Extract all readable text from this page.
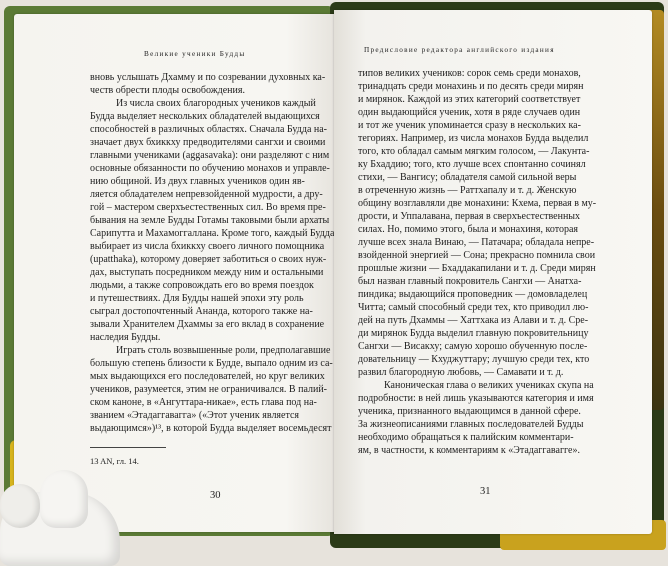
Великие ученики Будды

вновь услышать Дхамму и по созревании духовных ка-

честв обрести плоды освобождения.

Из числа своих благородных учеников каждый

Будда выделяет нескольких обладателей выдающихся

способностей в различных областях. Сначала Будда на-

значает двух бхиккху предводителями сангхи и своими

главными учениками (aggasavaka): они разделяют с ним

основные обязанности по обучению монахов и управле-

нию общиной. Из двух главных учеников один яв-

ляется обладателем непревзойденной мудрости, а дру-

гой – мастером сверхъестественных сил. Во время пре-

бывания на земле Будды Готамы таковыми были архаты

Сарипутта и Махамоггаллана. Кроме того, каждый Будда

выбирает из числа бхиккху своего личного помощника

(upatthaka), которому доверяет заботиться о своих нуж-

дах, выступать посредником между ним и остальными

людьми, а также сопровождать его во время поездок

и путешествиях. Для Будды нашей эпохи эту роль

сыграл достопочтенный Ананда, которого также на-

зывали Хранителем Дхаммы за его вклад в сохранение

наследия Будды.

Играть столь возвышенные роли, предполагавшие

большую степень близости к Будде, выпало одним из са-

мых выдающихся его последователей, но круг великих

учеников, разумеется, этим не ограничивался. В палий-

ском каноне, в «Ангуттара-никае», есть глава под на-

званием «Этадаггавагга» («Этот ученик является

выдающимся»)¹³, в которой Будда выделяет восемьдесят

13 AN, гл. 14.
30
Предисловие редактора английского издания

типов великих учеников: сорок семь среди монахов,

тринадцать среди монахинь и по десять среди мирян

и мирянок. Каждой из этих категорий соответствует

один выдающийся ученик, хотя в ряде случаев один

и тот же ученик упоминается сразу в нескольких ка-

тегориях. Например, из числа монахов Будда выделил

того, кто обладал самым мягким голосом, — Лакунта-

ку Бхаддию; того, кто лучше всех спонтанно сочинял

стихи, — Вангису; обладателя самой сильной веры

в отреченную жизнь — Раттхапалу и т. д. Женскую

общину возглавляли две монахини: Кхема, первая в му-

дрости, и Уппалавана, первая в сверхъестественных

силах. Но, помимо этого, была и монахиня, которая

лучше всех знала Винаю, — Патачара; обладала непре-

взойденной энергией — Сона; прекрасно помнила свои

прошлые жизни — Бхаддакапилани и т. д. Среди мирян

был назван главный покровитель Сангхи — Анатха-

пиндика; выдающийся проповедник — домовладелец

Читта; самый способный среди тех, кто приводил лю-

дей на путь Дхаммы — Хаттхака из Алави и т. д. Сре-

ди мирянок Будда выделил главную покровительницу

Сангхи — Висакху; самую хорошо обученную после-

довательницу — Кхуджуттару; лучшую среди тех, кто

развил благородную любовь, — Самавати и т. д.

Каноническая глава о великих учениках скупа на

подробности: в ней лишь указываются категория и имя

ученика, признанного выдающимся в данной сфере.

За жизнеописаниями главных последователей Будды

необходимо обращаться к палийским комментари-

ям, в частности, к комментариям к «Этадаггавагге».

31
